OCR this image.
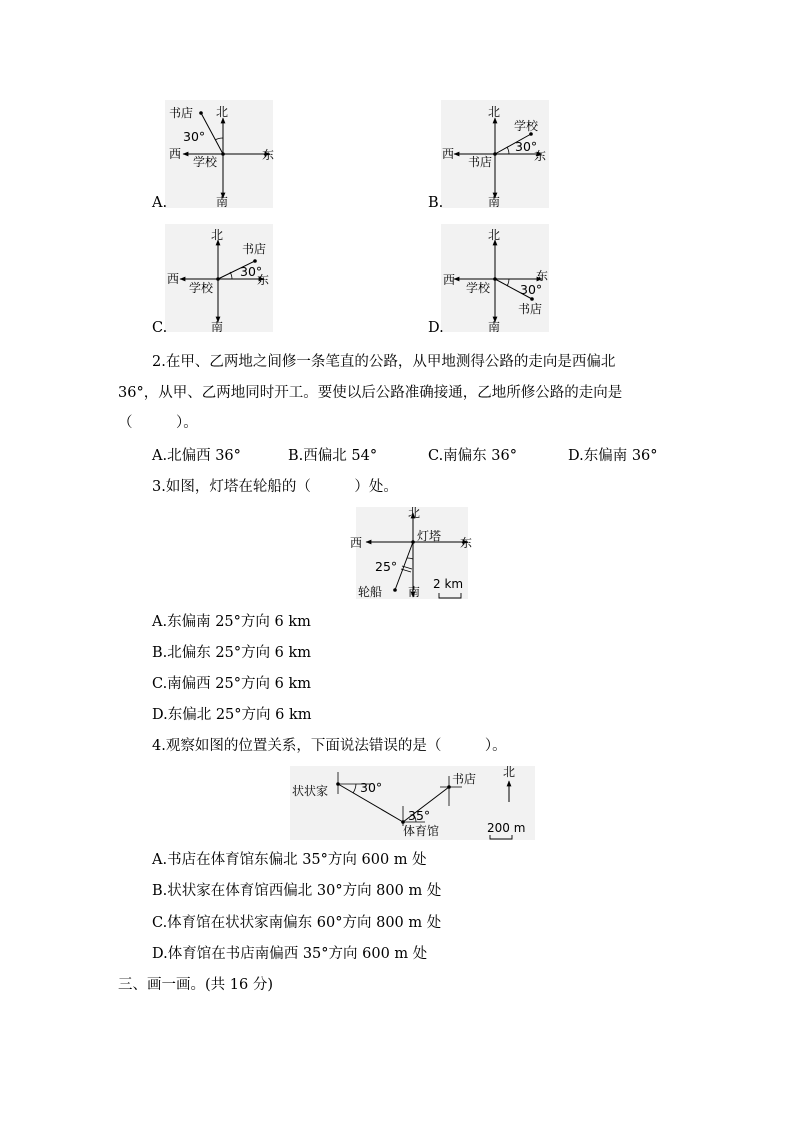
书店 北
30°
西
学校	东
南
A.
北
学校
30°
西
书店	东
南
B.
北
书店
30°
西
学校
东
南
C.
北
东
西
学校 30°
书店
南
D.
2.在甲、乙两地之间修一条笔直的公路，从甲地测得公路的走向是西偏北
36°，从甲、乙两地同时开工。要使以后公路准确接通，乙地所修公路的走向是
（　　　）。
A.北偏西 36°	B.西偏北 54°	C.南偏东 36°	D.东偏南 36°
3.如图，灯塔在轮船的（　　　）处。
北
灯塔
西	东
25°
轮船 南
2 km
A.东偏南 25°方向 6 km
B.北偏东 25°方向 6 km
C.南偏西 25°方向 6 km
D.东偏北 25°方向 6 km
4.观察如图的位置关系，下面说法错误的是（　　　）。
状状家	30°
书店
35°
体育馆
北
200 m
A.书店在体育馆东偏北 35°方向 600 m 处
B.状状家在体育馆西偏北 30°方向 800 m 处
C.体育馆在状状家南偏东 60°方向 800 m 处
D.体育馆在书店南偏西 35°方向 600 m 处
三、画一画。(共 16 分)
